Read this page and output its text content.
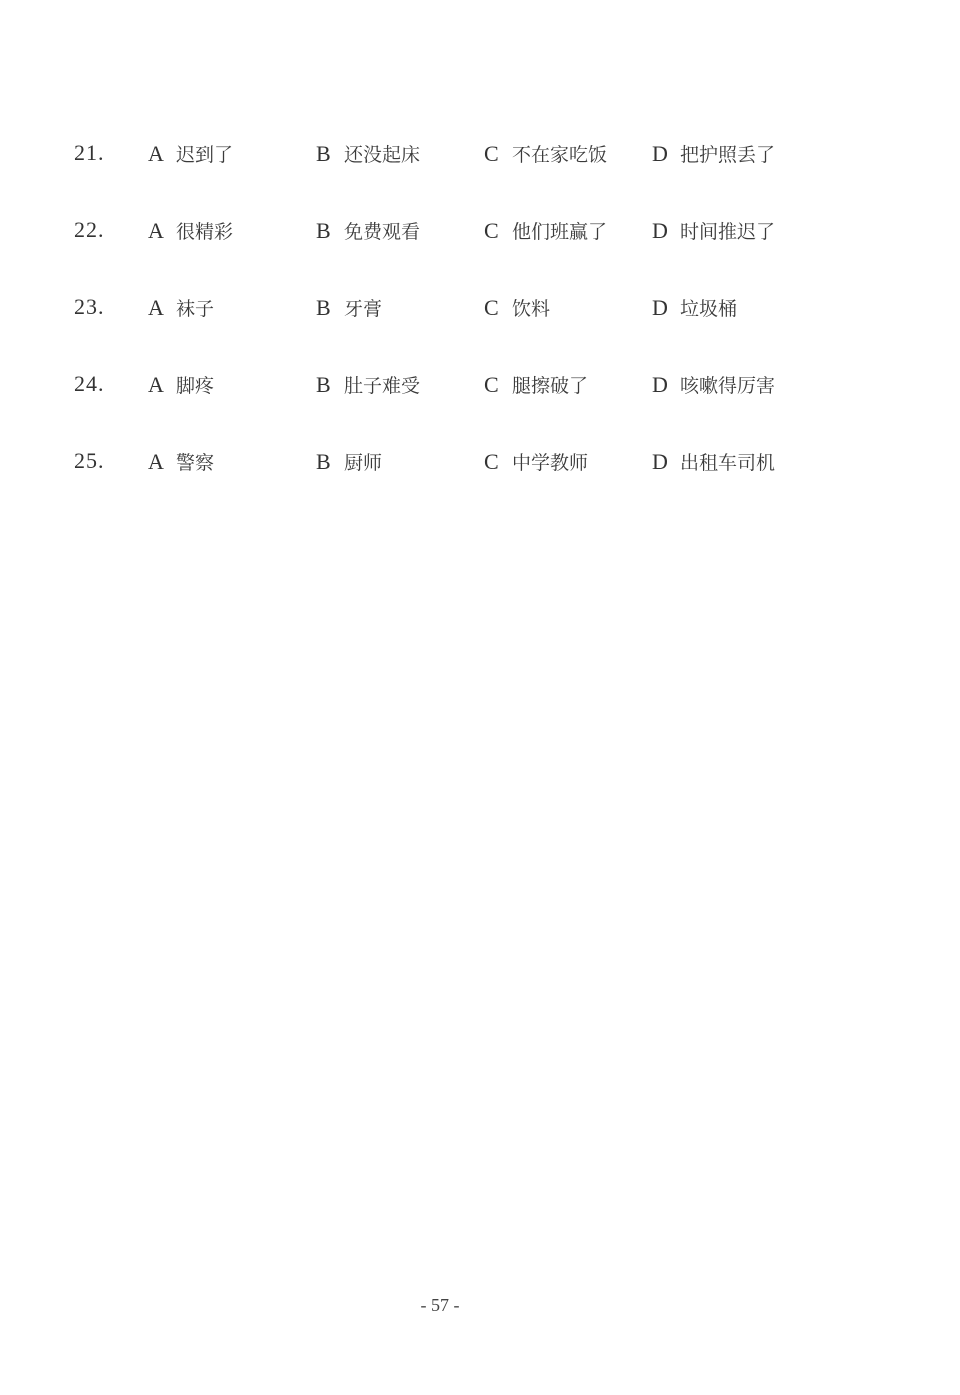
21. A 迟到了	B 还没起床	C 不在家吃饭 D 把护照丢了
22. A 很精彩	B 免费观看	C 他们班赢了 D 时间推迟了
23. A 袜子	B 牙膏	C 饮料	D 垃圾桶
24. A 脚疼	B 肚子难受	C 腿擦破了	D 咳嗽得厉害
25. A 警察	B 厨师	C 中学教师	D 出租车司机
- 57 -
